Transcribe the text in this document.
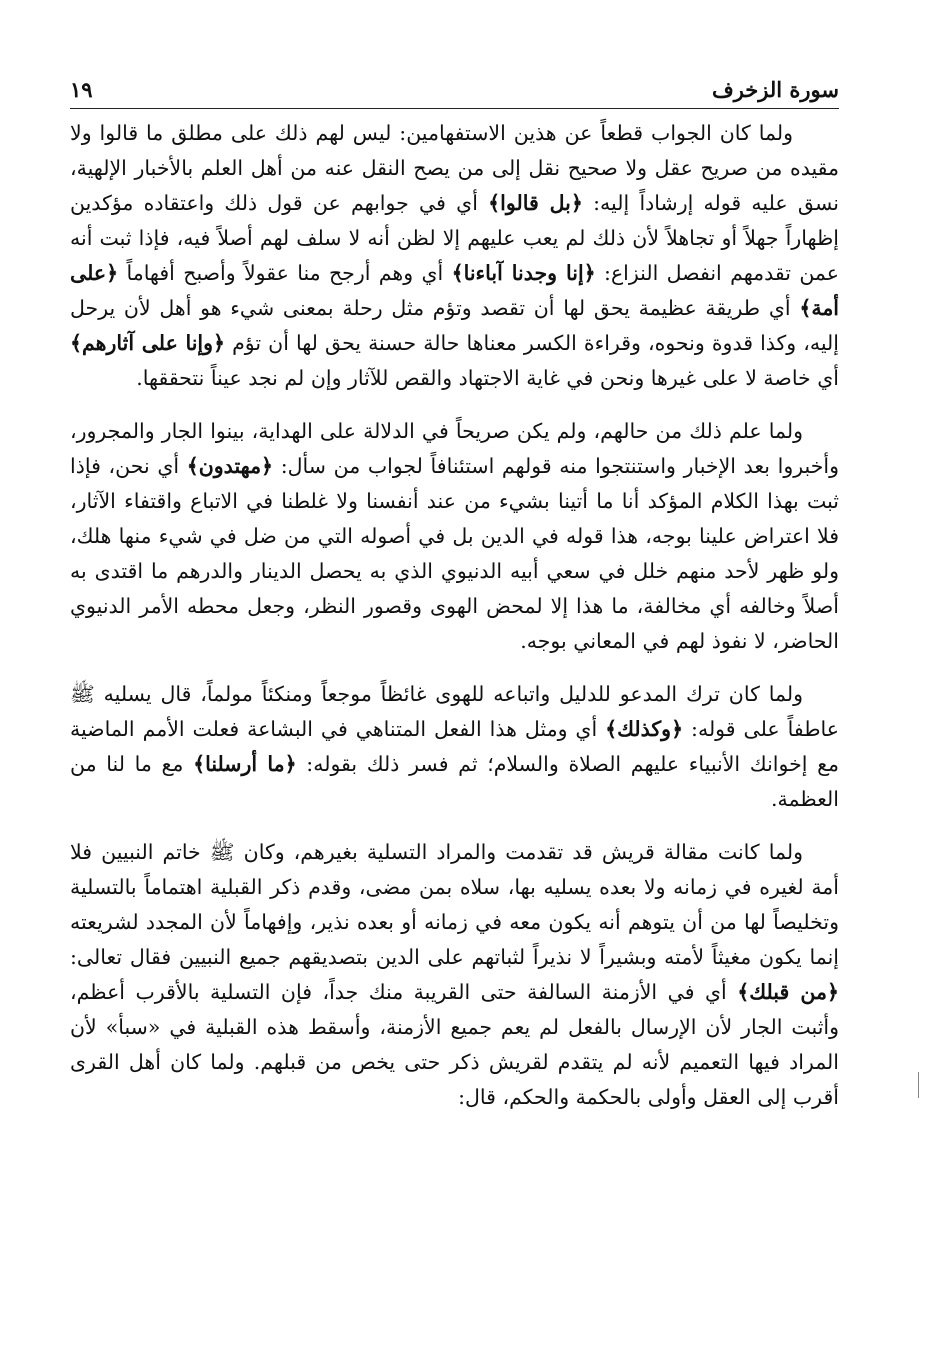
سورة الزخرف
١٩

ولما كان الجواب قطعاً عن هذين الاستفهامين: ليس لهم ذلك على مطلق ما قالوا ولا مقيده من صريح عقل ولا صحيح نقل إلى من يصح النقل عنه من أهل العلم بالأخبار الإلهية، نسق عليه قوله إرشاداً إليه: ﴿بل قالوا﴾ أي في جوابهم عن قول ذلك واعتقاده مؤكدين إظهاراً جهلاً أو تجاهلاً لأن ذلك لم يعب عليهم إلا لظن أنه لا سلف لهم أصلاً فيه، فإذا ثبت أنه عمن تقدمهم انفصل النزاع: ﴿إنا وجدنا آباءنا﴾ أي وهم أرجح منا عقولاً وأصبح أفهاماً ﴿على أمة﴾ أي طريقة عظيمة يحق لها أن تقصد وتؤم مثل رحلة بمعنى شيء هو أهل لأن يرحل إليه، وكذا قدوة ونحوه، وقراءة الكسر معناها حالة حسنة يحق لها أن تؤم ﴿وإنا على آثارهم﴾ أي خاصة لا على غيرها ونحن في غاية الاجتهاد والقص للآثار وإن لم نجد عيناً نتحققها.

ولما علم ذلك من حالهم، ولم يكن صريحاً في الدلالة على الهداية، بينوا الجار والمجرور، وأخبروا بعد الإخبار واستنتجوا منه قولهم استئنافاً لجواب من سأل: ﴿مهتدون﴾ أي نحن، فإذا ثبت بهذا الكلام المؤكد أنا ما أتينا بشيء من عند أنفسنا ولا غلطنا في الاتباع واقتفاء الآثار، فلا اعتراض علينا بوجه، هذا قوله في الدين بل في أصوله التي من ضل في شيء منها هلك، ولو ظهر لأحد منهم خلل في سعي أبيه الدنيوي الذي به يحصل الدينار والدرهم ما اقتدى به أصلاً وخالفه أي مخالفة، ما هذا إلا لمحض الهوى وقصور النظر، وجعل محطه الأمر الدنيوي الحاضر، لا نفوذ لهم في المعاني بوجه.

ولما كان ترك المدعو للدليل واتباعه للهوى غائظاً موجعاً ومنكئاً مولماً، قال يسليه ﷺ عاطفاً على قوله: ﴿وكذلك﴾ أي ومثل هذا الفعل المتناهي في البشاعة فعلت الأمم الماضية مع إخوانك الأنبياء عليهم الصلاة والسلام؛ ثم فسر ذلك بقوله: ﴿ما أرسلنا﴾ مع ما لنا من العظمة.

ولما كانت مقالة قريش قد تقدمت والمراد التسلية بغيرهم، وكان ﷺ خاتم النبيين فلا أمة لغيره في زمانه ولا بعده يسليه بها، سلاه بمن مضى، وقدم ذكر القبلية اهتماماً بالتسلية وتخليصاً لها من أن يتوهم أنه يكون معه في زمانه أو بعده نذير، وإفهاماً لأن المجدد لشريعته إنما يكون مغيثاً لأمته وبشيراً لا نذيراً لثباتهم على الدين بتصديقهم جميع النبيين فقال تعالى: ﴿من قبلك﴾ أي في الأزمنة السالفة حتى القريبة منك جداً، فإن التسلية بالأقرب أعظم، وأثبت الجار لأن الإرسال بالفعل لم يعم جميع الأزمنة، وأسقط هذه القبلية في «سبأ» لأن المراد فيها التعميم لأنه لم يتقدم لقريش ذكر حتى يخص من قبلهم. ولما كان أهل القرى أقرب إلى العقل وأولى بالحكمة والحكم، قال:
